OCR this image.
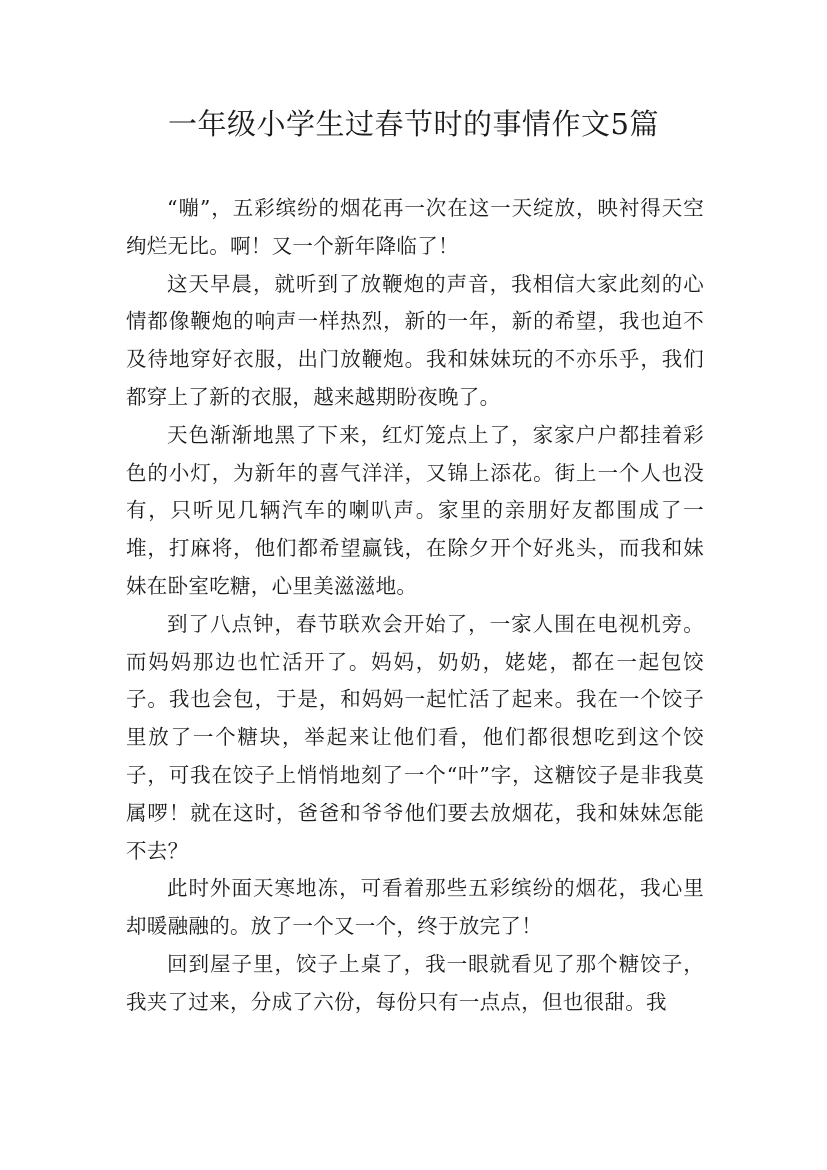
一年级小学生过春节时的事情作文5篇

“嘣”，五彩缤纷的烟花再一次在这一天绽放，映衬得天空绚烂无比。啊！又一个新年降临了！

这天早晨，就听到了放鞭炮的声音，我相信大家此刻的心情都像鞭炮的响声一样热烈，新的一年，新的希望，我也迫不及待地穿好衣服，出门放鞭炮。我和妹妹玩的不亦乐乎，我们都穿上了新的衣服，越来越期盼夜晚了。

天色渐渐地黑了下来，红灯笼点上了，家家户户都挂着彩色的小灯，为新年的喜气洋洋，又锦上添花。街上一个人也没有，只听见几辆汽车的喇叭声。家里的亲朋好友都围成了一堆，打麻将，他们都希望赢钱，在除夕开个好兆头，而我和妹妹在卧室吃糖，心里美滋滋地。

到了八点钟，春节联欢会开始了，一家人围在电视机旁。而妈妈那边也忙活开了。妈妈，奶奶，姥姥，都在一起包饺子。我也会包，于是，和妈妈一起忙活了起来。我在一个饺子里放了一个糖块，举起来让他们看，他们都很想吃到这个饺子，可我在饺子上悄悄地刻了一个“叶”字，这糖饺子是非我莫属啰！就在这时，爸爸和爷爷他们要去放烟花，我和妹妹怎能不去？

此时外面天寒地冻，可看着那些五彩缤纷的烟花，我心里却暖融融的。放了一个又一个，终于放完了！

回到屋子里，饺子上桌了，我一眼就看见了那个糖饺子，我夹了过来，分成了六份，每份只有一点点，但也很甜。我
